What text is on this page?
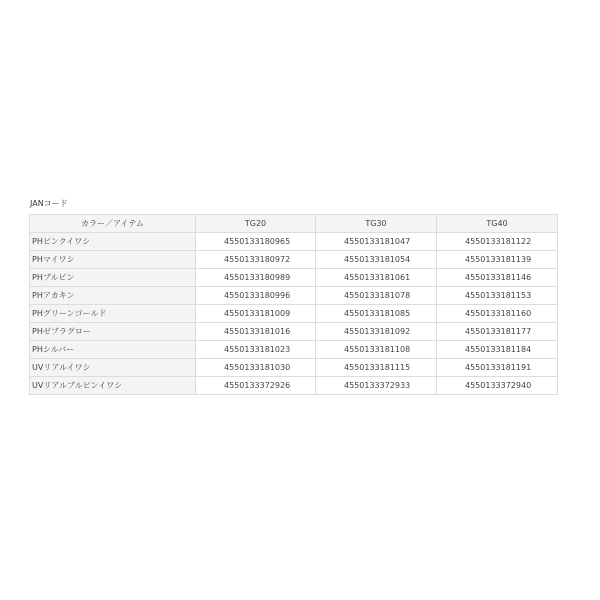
JANコード
カラー／アイテム	TG20	TG30	TG40
PHピンクイワシ	4550133180965	4550133181047	4550133181122
PHマイワシ	4550133180972	4550133181054	4550133181139
PHブルピン	4550133180989	4550133181061	4550133181146
PHアカキン	4550133180996	4550133181078	4550133181153
PHグリーンゴールド	4550133181009	4550133181085	4550133181160
PHゼブラグロー	4550133181016	4550133181092	4550133181177
PHシルバー	4550133181023	4550133181108	4550133181184
UVリアルイワシ	4550133181030	4550133181115	4550133181191
UVリアルブルピンイワシ	4550133372926	4550133372933	4550133372940
